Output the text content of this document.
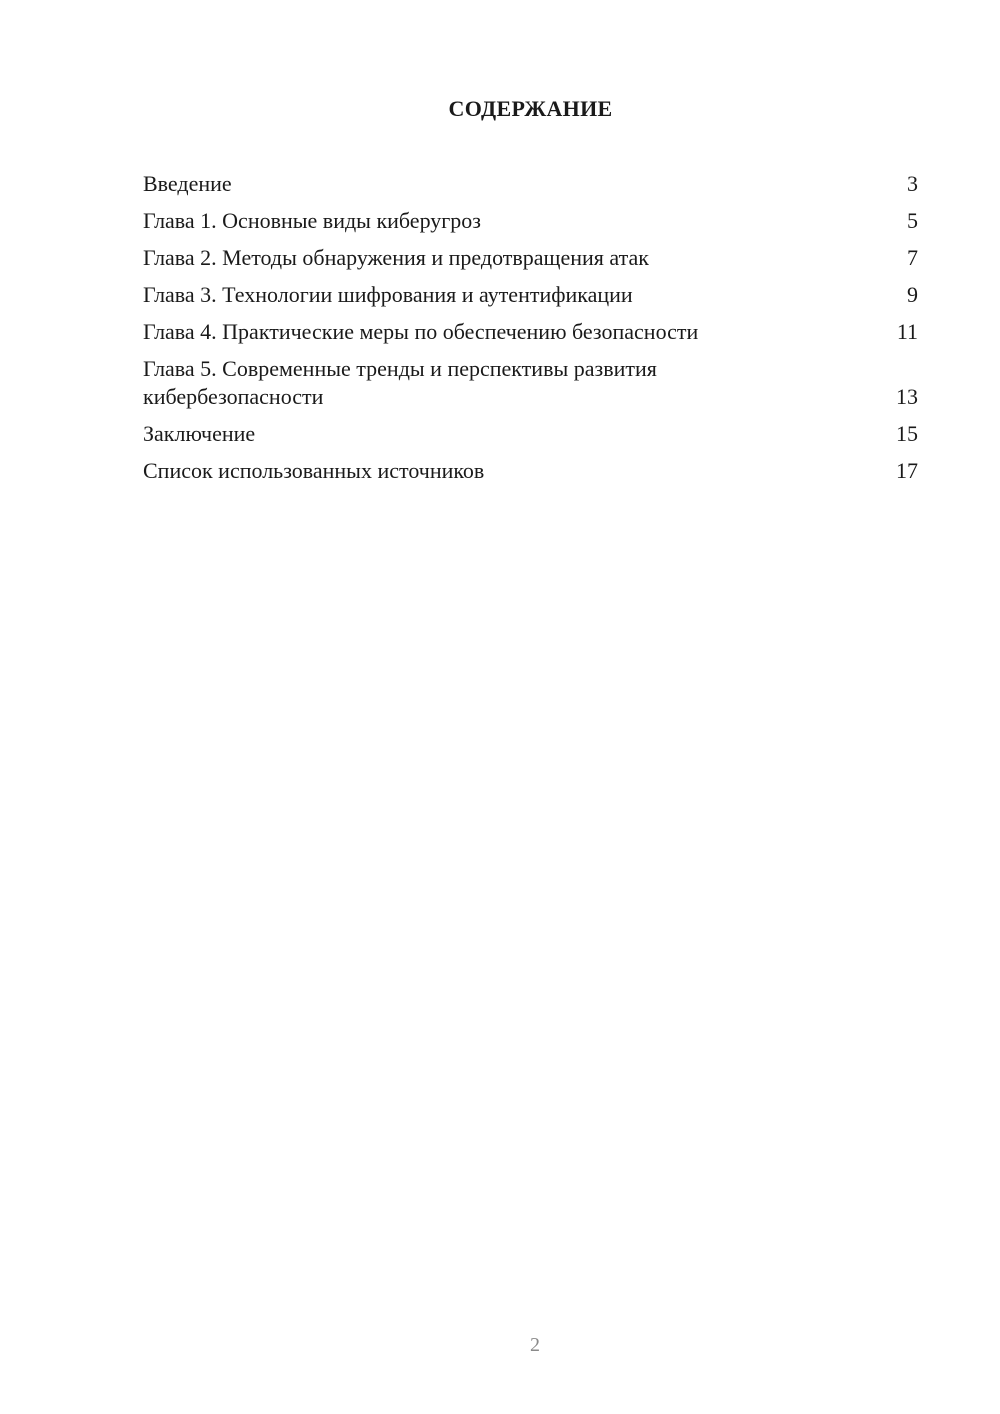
СОДЕРЖАНИЕ
Введение	3
Глава 1. Основные виды киберугроз	5
Глава 2. Методы обнаружения и предотвращения атак	7
Глава 3. Технологии шифрования и аутентификации	9
Глава 4. Практические меры по обеспечению безопасности	11
Глава 5. Современные тренды и перспективы развития кибербезопасности	13
Заключение	15
Список использованных источников	17
2
